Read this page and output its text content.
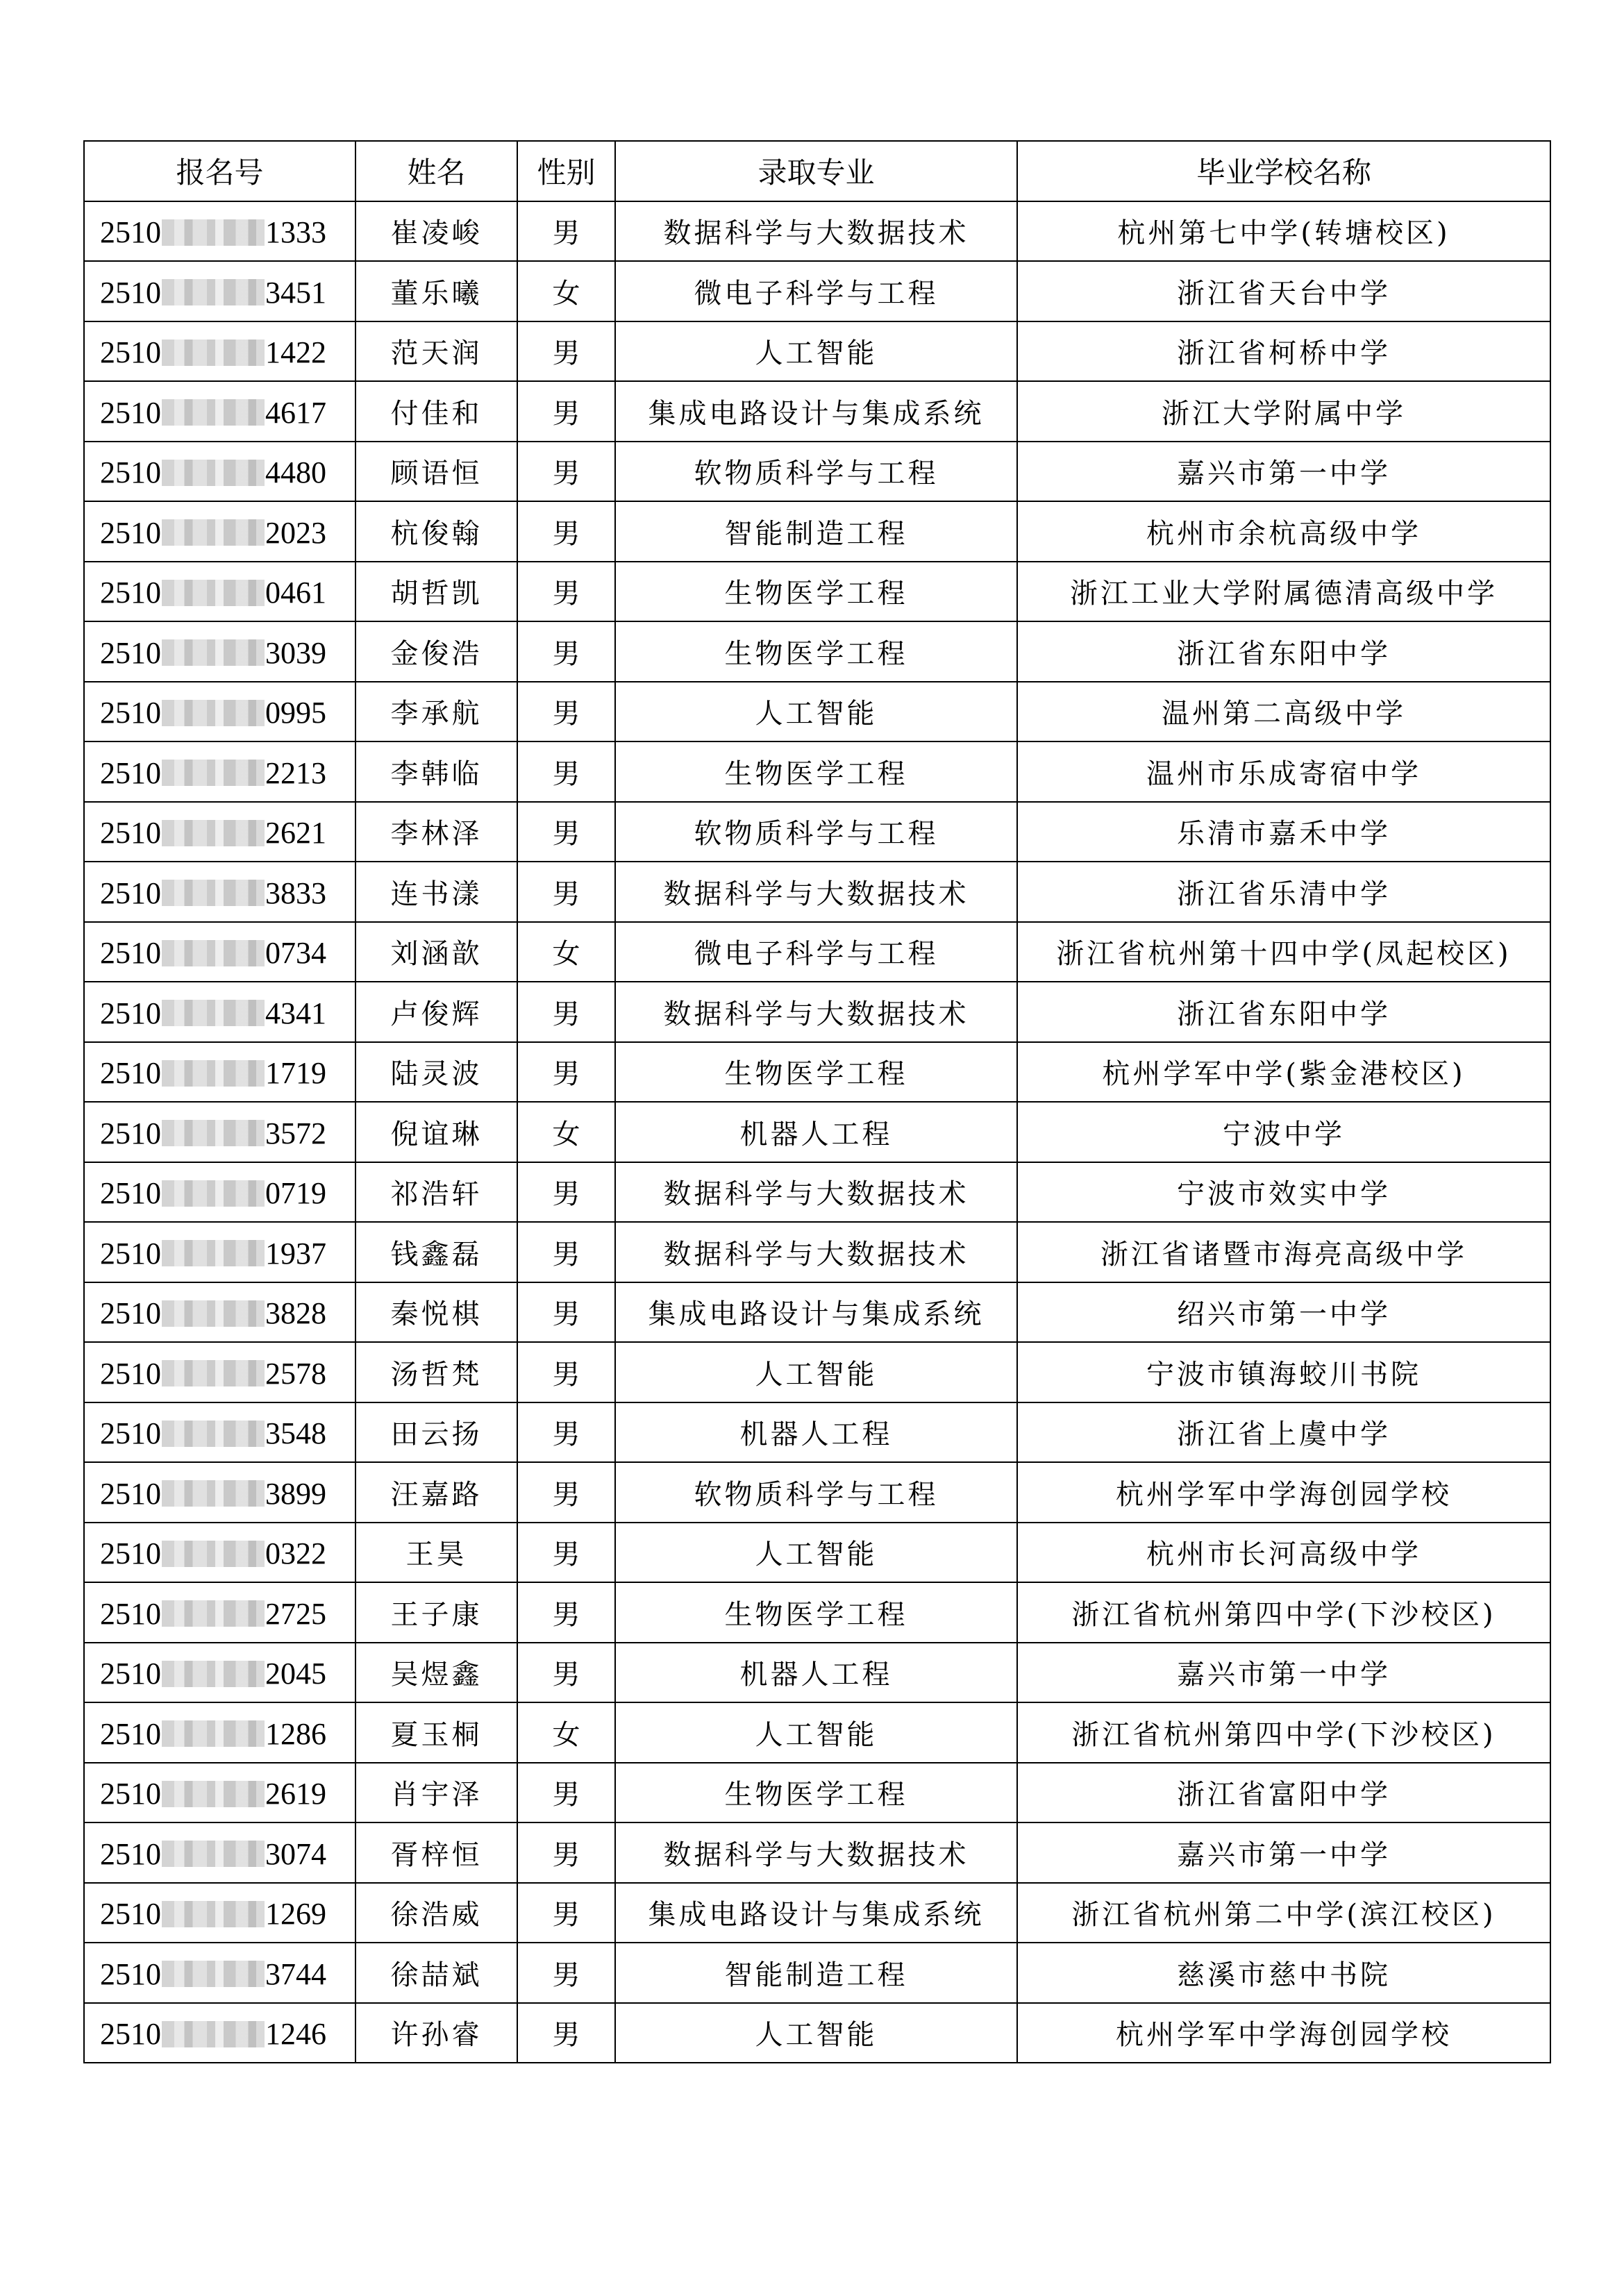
报名号	姓名	性别	录取专业	毕业学校名称
2510 1333	崔凌峻	男	数据科学与大数据技术	杭州第七中学(转塘校区)
2510 3451	董乐曦	女	微电子科学与工程	浙江省天台中学
2510 1422	范天润	男	人工智能	浙江省柯桥中学
2510 4617	付佳和	男	集成电路设计与集成系统	浙江大学附属中学
2510 4480	顾语恒	男	软物质科学与工程	嘉兴市第一中学
2510 2023	杭俊翰	男	智能制造工程	杭州市余杭高级中学
2510 0461	胡哲凯	男	生物医学工程	浙江工业大学附属德清高级中学
2510 3039	金俊浩	男	生物医学工程	浙江省东阳中学
2510 0995	李承航	男	人工智能	温州第二高级中学
2510 2213	李韩临	男	生物医学工程	温州市乐成寄宿中学
2510 2621	李林泽	男	软物质科学与工程	乐清市嘉禾中学
2510 3833	连书漾	男	数据科学与大数据技术	浙江省乐清中学
2510 0734	刘涵歆	女	微电子科学与工程	浙江省杭州第十四中学(凤起校区)
2510 4341	卢俊辉	男	数据科学与大数据技术	浙江省东阳中学
2510 1719	陆灵波	男	生物医学工程	杭州学军中学(紫金港校区)
2510 3572	倪谊琳	女	机器人工程	宁波中学
2510 0719	祁浩轩	男	数据科学与大数据技术	宁波市效实中学
2510 1937	钱鑫磊	男	数据科学与大数据技术	浙江省诸暨市海亮高级中学
2510 3828	秦悦棋	男	集成电路设计与集成系统	绍兴市第一中学
2510 2578	汤哲梵	男	人工智能	宁波市镇海蛟川书院
2510 3548	田云扬	男	机器人工程	浙江省上虞中学
2510 3899	汪嘉路	男	软物质科学与工程	杭州学军中学海创园学校
2510 0322	王昊	男	人工智能	杭州市长河高级中学
2510 2725	王子康	男	生物医学工程	浙江省杭州第四中学(下沙校区)
2510 2045	吴煜鑫	男	机器人工程	嘉兴市第一中学
2510 1286	夏玉桐	女	人工智能	浙江省杭州第四中学(下沙校区)
2510 2619	肖宇泽	男	生物医学工程	浙江省富阳中学
2510 3074	胥梓恒	男	数据科学与大数据技术	嘉兴市第一中学
2510 1269	徐浩威	男	集成电路设计与集成系统	浙江省杭州第二中学(滨江校区)
2510 3744	徐喆斌	男	智能制造工程	慈溪市慈中书院
2510 1246	许孙睿	男	人工智能	杭州学军中学海创园学校
